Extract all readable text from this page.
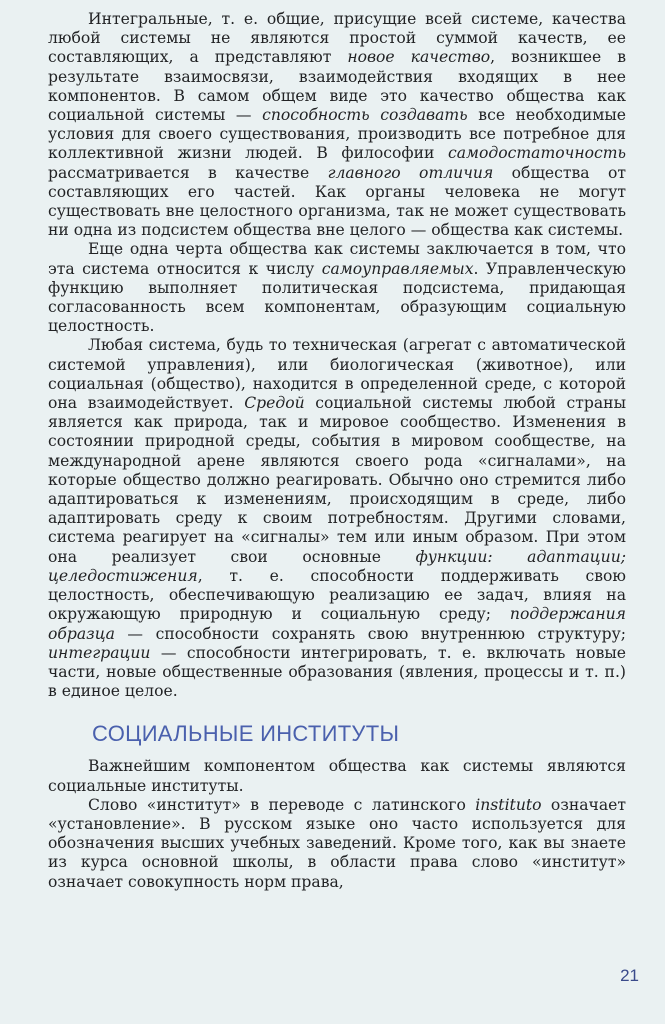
Интегральные, т. е. общие, присущие всей системе, качества любой системы не являются простой суммой качеств, ее составляющих, а представляют новое качество, возникшее в результате взаимосвязи, взаимодействия входящих в нее компонентов. В самом общем виде это качество общества как социальной системы — способность создавать все необходимые условия для своего существования, производить все потребное для коллективной жизни людей. В философии самодостаточность рассматривается в качестве главного отличия общества от составляющих его частей. Как органы человека не могут существовать вне целостного организма, так не может существовать ни одна из подсистем общества вне целого — общества как системы.

Еще одна черта общества как системы заключается в том, что эта система относится к числу самоуправляемых. Управленческую функцию выполняет политическая подсистема, придающая согласованность всем компонентам, образующим социальную целостность.

Любая система, будь то техническая (агрегат с автоматической системой управления), или биологическая (животное), или социальная (общество), находится в определенной среде, с которой она взаимодействует. Средой социальной системы любой страны является как природа, так и мировое сообщество. Изменения в состоянии природной среды, события в мировом сообществе, на международной арене являются своего рода «сигналами», на которые общество должно реагировать. Обычно оно стремится либо адаптироваться к изменениям, происходящим в среде, либо адаптировать среду к своим потребностям. Другими словами, система реагирует на «сигналы» тем или иным образом. При этом она реализует свои основные функции: адаптации; целедостижения, т. е. способности поддерживать свою целостность, обеспечивающую реализацию ее задач, влияя на окружающую природную и социальную среду; поддержания образца — способности сохранять свою внутреннюю структуру; интеграции — способности интегрировать, т. е. включать новые части, новые общественные образования (явления, процессы и т. п.) в единое целое.

СОЦИАЛЬНЫЕ ИНСТИТУТЫ

Важнейшим компонентом общества как системы являются социальные институты.

Слово «институт» в переводе с латинского instituto означает «установление». В русском языке оно часто используется для обозначения высших учебных заведений. Кроме того, как вы знаете из курса основной школы, в области права слово «институт» означает совокупность норм права,

21
